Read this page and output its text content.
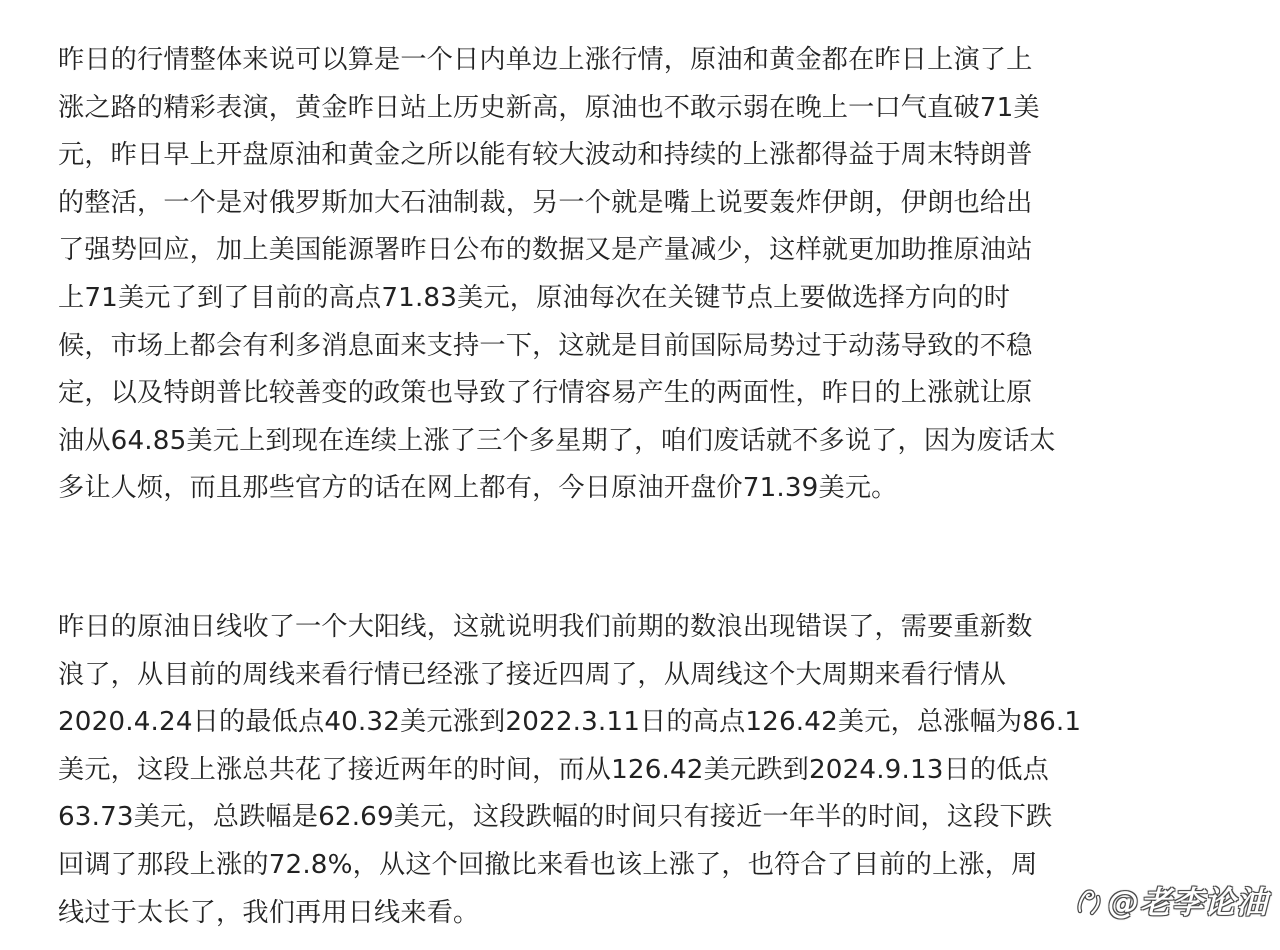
昨日的行情整体来说可以算是一个日内单边上涨行情，原油和黄金都在昨日上演了上
涨之路的精彩表演，黄金昨日站上历史新高，原油也不敢示弱在晚上一口气直破71美
元，昨日早上开盘原油和黄金之所以能有较大波动和持续的上涨都得益于周末特朗普
的整活，一个是对俄罗斯加大石油制裁，另一个就是嘴上说要轰炸伊朗，伊朗也给出
了强势回应，加上美国能源署昨日公布的数据又是产量减少，这样就更加助推原油站
上71美元了到了目前的高点71.83美元，原油每次在关键节点上要做选择方向的时
候，市场上都会有利多消息面来支持一下，这就是目前国际局势过于动荡导致的不稳
定，以及特朗普比较善变的政策也导致了行情容易产生的两面性，昨日的上涨就让原
油从64.85美元上到现在连续上涨了三个多星期了，咱们废话就不多说了，因为废话太
多让人烦，而且那些官方的话在网上都有，今日原油开盘价71.39美元。
昨日的原油日线收了一个大阳线，这就说明我们前期的数浪出现错误了，需要重新数
浪了，从目前的周线来看行情已经涨了接近四周了，从周线这个大周期来看行情从
2020.4.24日的最低点40.32美元涨到2022.3.11日的高点126.42美元，总涨幅为86.1
美元，这段上涨总共花了接近两年的时间，而从126.42美元跌到2024.9.13日的低点
63.73美元，总跌幅是62.69美元，这段跌幅的时间只有接近一年半的时间，这段下跌
回调了那段上涨的72.8%，从这个回撤比来看也该上涨了，也符合了目前的上涨，周
线过于太长了，我们再用日线来看。	@老李论油
